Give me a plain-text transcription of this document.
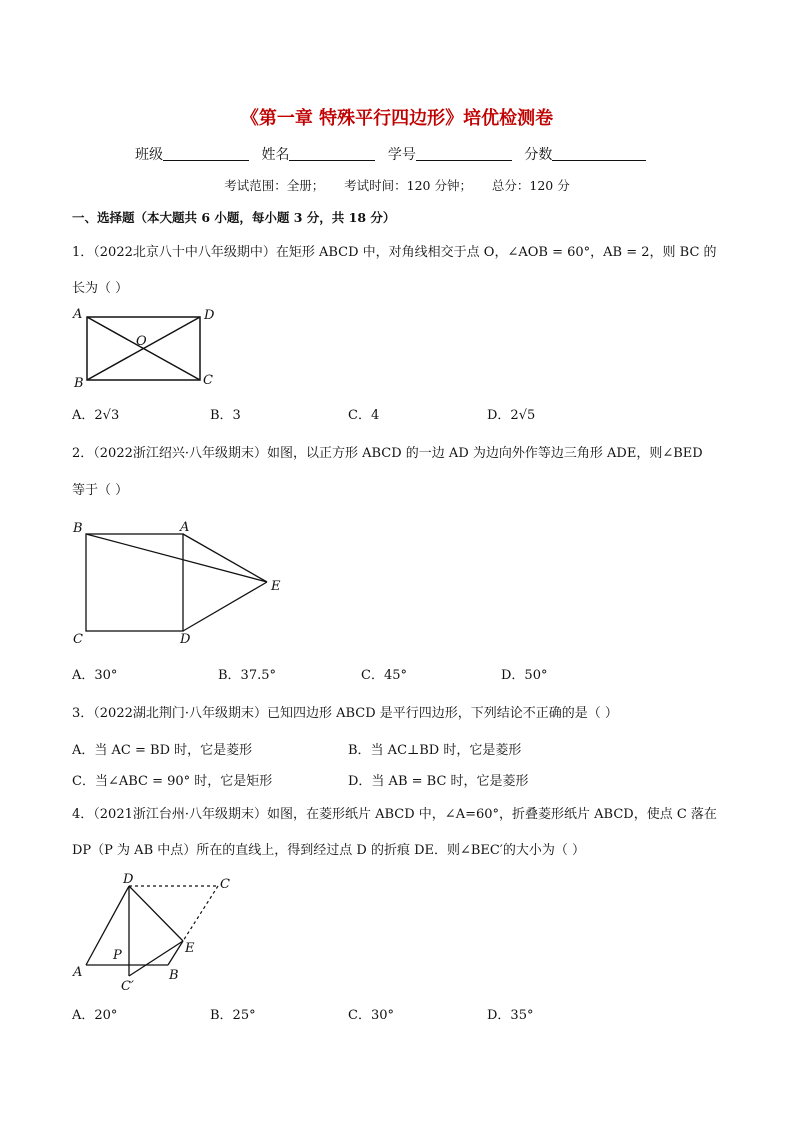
《第一章 特殊平行四边形》培优检测卷
班级	姓名	学号	分数
考试范围：全册； 考试时间：120 分钟； 总分：120 分
一、选择题（本大题共 6 小题，每小题 3 分，共 18 分）
1．（2022北京八十中八年级期中）在矩形 ABCD 中，对角线相交于点 O，∠AOB = 60°，AB = 2，则 BC 的
长为（ ）
A	D
O
B	C
A．2√3	B．3	C．4	D．2√5
2．（2022浙江绍兴·八年级期末）如图，以正方形 ABCD 的一边 AD 为边向外作等边三角形 ADE，则∠BED
等于（ ）
B	A
E
C	D
A．30°	B．37.5°	C．45°	D．50°
3．（2022湖北荆门·八年级期末）已知四边形 ABCD 是平行四边形，下列结论不正确的是（ ）
A．当 AC = BD 时，它是菱形	B．当 AC⊥BD 时，它是菱形
C．当∠ABC = 90° 时，它是矩形	D．当 AB = BC 时，它是菱形
4．（2021浙江台州·八年级期末）如图，在菱形纸片 ABCD 中，∠A=60°，折叠菱形纸片 ABCD，使点 C 落在
DP（P 为 AB 中点）所在的直线上，得到经过点 D 的折痕 DE．则∠BEC′的大小为（ ）
D	C
E
P
A	B
C′
A．20°	B．25°	C．30°	D．35°
